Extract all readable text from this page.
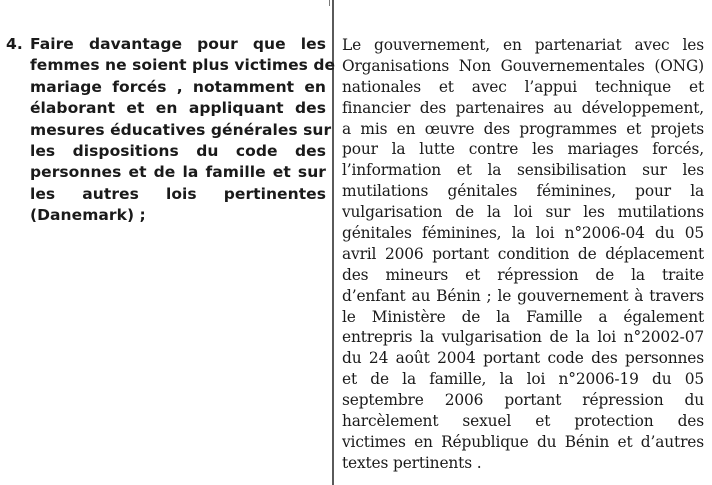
4. Faire davantage pour que les
femmes ne soient plus victimes de
mariage forcés , notamment en
élaborant et en appliquant des
mesures éducatives générales sur
les dispositions du code des
personnes et de la famille et sur
les autres lois pertinentes
(Danemark) ;
Le gouvernement, en partenariat avec les
Organisations Non Gouvernementales (ONG)
nationales et avec l’appui technique et
financier des partenaires au développement,
a mis en œuvre des programmes et projets
pour la lutte contre les mariages forcés,
l’information et la sensibilisation sur les
mutilations génitales féminines, pour la
vulgarisation de la loi sur les mutilations
génitales féminines, la loi n°2006-04 du 05
avril 2006 portant condition de déplacement
des mineurs et répression de la traite
d’enfant au Bénin ; le gouvernement à travers
le Ministère de la Famille a également
entrepris la vulgarisation de la loi n°2002-07
du 24 août 2004 portant code des personnes
et de la famille, la loi n°2006-19 du 05
septembre 2006 portant répression du
harcèlement sexuel et protection des
victimes en République du Bénin et d’autres
textes pertinents .
